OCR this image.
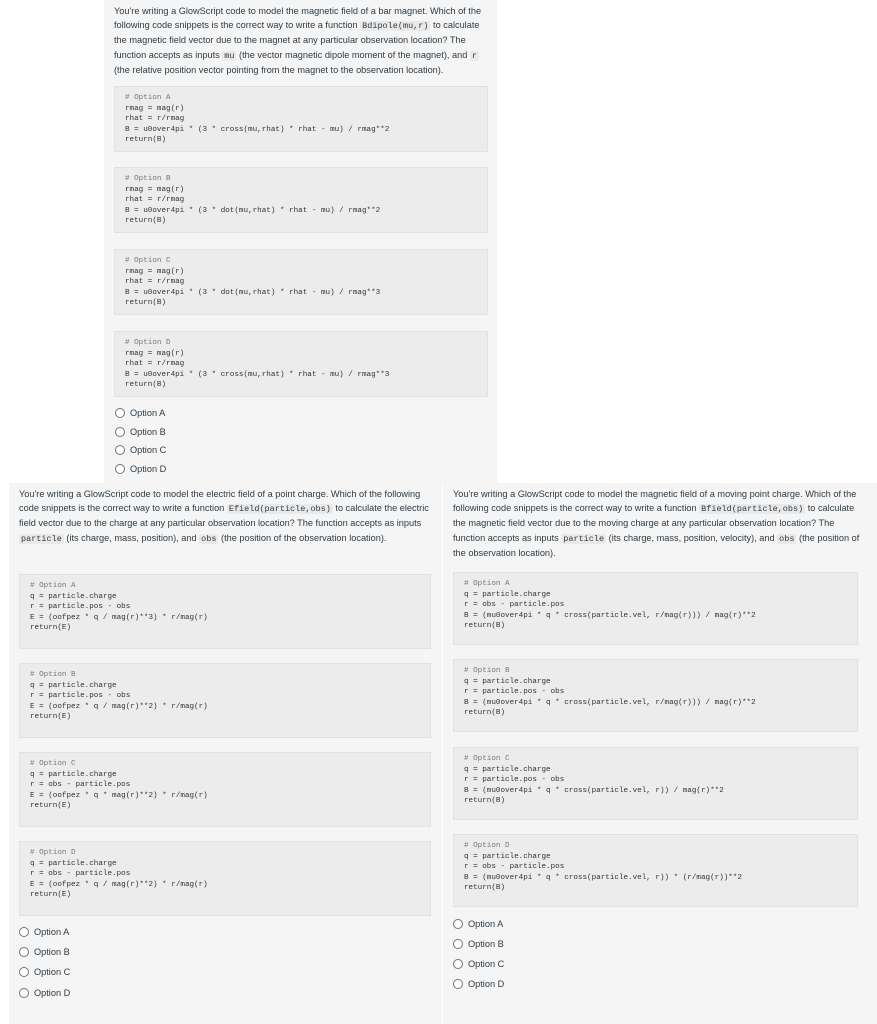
You're writing a GlowScript code to model the magnetic field of a bar magnet. Which of the following code snippets is the correct way to write a function Bdipole(mu,r) to calculate the magnetic field vector due to the magnet at any particular observation location? The function accepts as inputs mu (the vector magnetic dipole moment of the magnet), and r (the relative position vector pointing from the magnet to the observation location).

# Option A
rmag = mag(r)
rhat = r/rmag
B = u0over4pi * (3 * cross(mu,rhat) * rhat - mu) / rmag**2
return(B)
# Option B
rmag = mag(r)
rhat = r/rmag
B = u0over4pi * (3 * dot(mu,rhat) * rhat - mu) / rmag**2
return(B)
# Option C
rmag = mag(r)
rhat = r/rmag
B = u0over4pi * (3 * dot(mu,rhat) * rhat - mu) / rmag**3
return(B)
# Option D
rmag = mag(r)
rhat = r/rmag
B = u0over4pi * (3 * cross(mu,rhat) * rhat - mu) / rmag**3
return(B)
Option A
Option B
Option C
Option D

You're writing a GlowScript code to model the electric field of a point charge. Which of the following code snippets is the correct way to write a function Efield(particle,obs) to calculate the electric field vector due to the charge at any particular observation location? The function accepts as inputs particle (its charge, mass, position), and obs (the position of the observation location).

# Option A
q = particle.charge
r = particle.pos - obs
E = (oofpez * q / mag(r)**3) * r/mag(r)
return(E)
# Option B
q = particle.charge
r = particle.pos - obs
E = (oofpez * q / mag(r)**2) * r/mag(r)
return(E)
# Option C
q = particle.charge
r = obs - particle.pos
E = (oofpez * q * mag(r)**2) * r/mag(r)
return(E)
# Option D
q = particle.charge
r = obs - particle.pos
E = (oofpez * q / mag(r)**2) * r/mag(r)
return(E)
Option A
Option B
Option C
Option D

You're writing a GlowScript code to model the magnetic field of a moving point charge. Which of the following code snippets is the correct way to write a function Bfield(particle,obs) to calculate the magnetic field vector due to the moving charge at any particular observation location? The function accepts as inputs particle (its charge, mass, position, velocity), and obs (the position of the observation location).

# Option A
q = particle.charge
r = obs - particle.pos
B = (mu0over4pi * q * cross(particle.vel, r/mag(r))) / mag(r)**2
return(B)
# Option B
q = particle.charge
r = particle.pos - obs
B = (mu0over4pi * q * cross(particle.vel, r/mag(r))) / mag(r)**2
return(B)
# Option C
q = particle.charge
r = particle.pos - obs
B = (mu0over4pi * q * cross(particle.vel, r)) / mag(r)**2
return(B)
# Option D
q = particle.charge
r = obs - particle.pos
B = (mu0over4pi * q * cross(particle.vel, r)) * (r/mag(r))**2
return(B)
Option A
Option B
Option C
Option D
